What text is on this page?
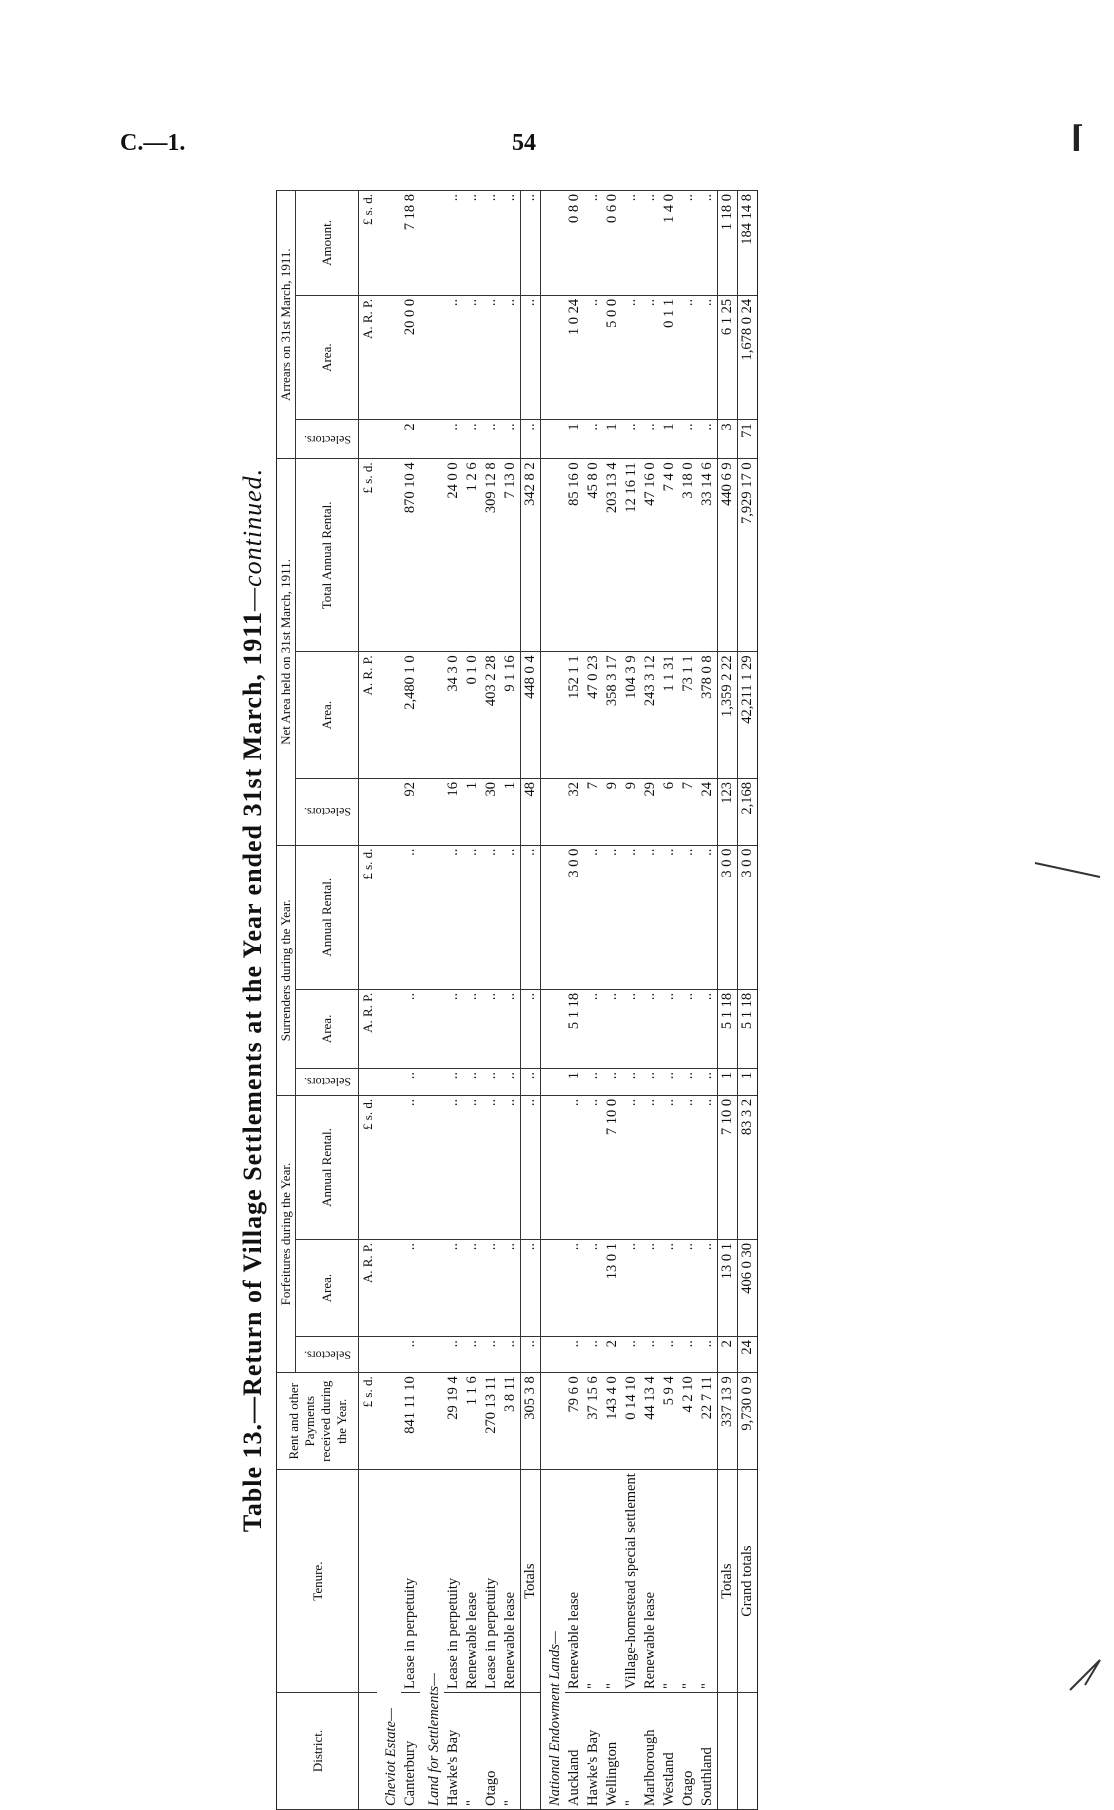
C.—1.	54	⌈
Table 13.—Return of Village Settlements at the Year ended 31st March, 1911—continued.
District.	Tenure.	Rent and other Payments received during the Year.	Forfeitures during the Year.			Surrenders during the Year.			Net Area held on 31st March, 1911.			Arrears on 31st March, 1911.		
			Selectors.	Area.	Annual Rental.	Selectors.	Area.	Annual Rental.	Selectors.	Area.	Total Annual Rental.	Selectors.	Area.	Amount.
		£ s. d.		A. R. P.	£ s. d.		A. R. P.	£ s. d.		A. R. P.	£ s. d.		A. R. P.	£ s. d.
Cheviot Estate—														
Canterbury	Lease in perpetuity	841 11 10	..	..	..	..	..	..	92	2,480 1 0	870 10 4	2	20 0 0	7 18 8
Land for Settlements—														
Hawke's Bay	Lease in perpetuity	29 19 4	..	..	..	..	..	..	16	34 3 0	24 0 0	..	..	..
"	Renewable lease	1 1 6	..	..	..	..	..	..	1	0 1 0	1 2 6	..	..	..
Otago	Lease in perpetuity	270 13 11	..	..	..	..	..	..	30	403 2 28	309 12 8	..	..	..
"	Renewable lease	3 8 11	..	..	..	..	..	..	1	9 1 16	7 13 0	..	..	..
	Totals	305 3 8	..	..	..	..	..	..	48	448 0 4	342 8 2	..	..	..
National Endowment Lands—														
Auckland	Renewable lease	79 6 0	..	..	..	1	5 1 18	3 0 0	32	152 1 1	85 16 0	1	1 0 24	0 8 0
Hawke's Bay	"	37 15 6	..	..	..	..	..	..	7	47 0 23	45 8 0	..	..	..
Wellington	"	143 4 0	2	13 0 1	7 10 0	..	..	..	9	358 3 17	203 13 4	1	5 0 0	0 6 0
"	Village-homestead special settlement	0 14 10	..	..	..	..	..	..	9	104 3 9	12 16 11	..	..	..
Marlborough	Renewable lease	44 13 4	..	..	..	..	..	..	29	243 3 12	47 16 0	..	..	..
Westland	"	5 9 4	..	..	..	..	..	..	6	1 1 31	7 4 0	1	0 1 1	1 4 0
Otago	"	4 2 10	..	..	..	..	..	..	7	73 1 1	3 18 0	..	..	..
Southland	"	22 7 11	..	..	..	..	..	..	24	378 0 8	33 14 6	..	..	..
	Totals	337 13 9	2	13 0 1	7 10 0	1	5 1 18	3 0 0	123	1,359 2 22	440 6 9	3	6 1 25	1 18 0
	Grand totals	9,730 0 9	24	406 0 30	83 3 2	1	5 1 18	3 0 0	2,168	42,211 1 29	7,929 17 0	71	1,678 0 24	184 14 8
